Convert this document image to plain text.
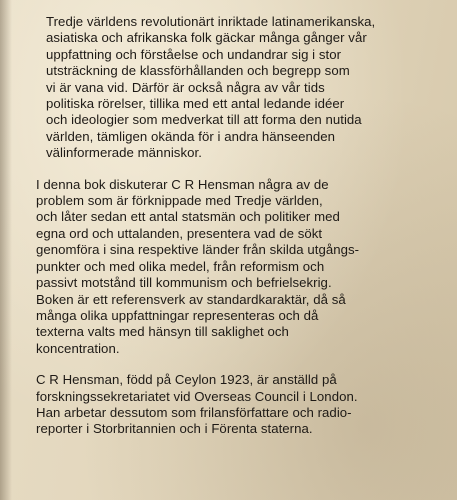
Tredje världens revolutionärt inriktade latinamerikanska,
asiatiska och afrikanska folk gäckar många gånger vår
uppfattning och förståelse och undandrar sig i stor
utsträckning de klassförhållanden och begrepp som
vi är vana vid. Därför är också några av vår tids
politiska rörelser, tillika med ett antal ledande idéer
och ideologier som medverkat till att forma den nutida
världen, tämligen okända för i andra hänseenden
välinformerade människor.

I denna bok diskuterar C R Hensman några av de
problem som är förknippade med Tredje världen,
och låter sedan ett antal statsmän och politiker med
egna ord och uttalanden, presentera vad de sökt
genomföra i sina respektive länder från skilda utgångs-
punkter och med olika medel, från reformism och
passivt motstånd till kommunism och befrielsekrig.
Boken är ett referensverk av standardkaraktär, då så
många olika uppfattningar representeras och då
texterna valts med hänsyn till saklighet och
koncentration.

C R Hensman, född på Ceylon 1923, är anställd på
forskningssekretariatet vid Overseas Council i London.
Han arbetar dessutom som frilansförfattare och radio-
reporter i Storbritannien och i Förenta staterna.
